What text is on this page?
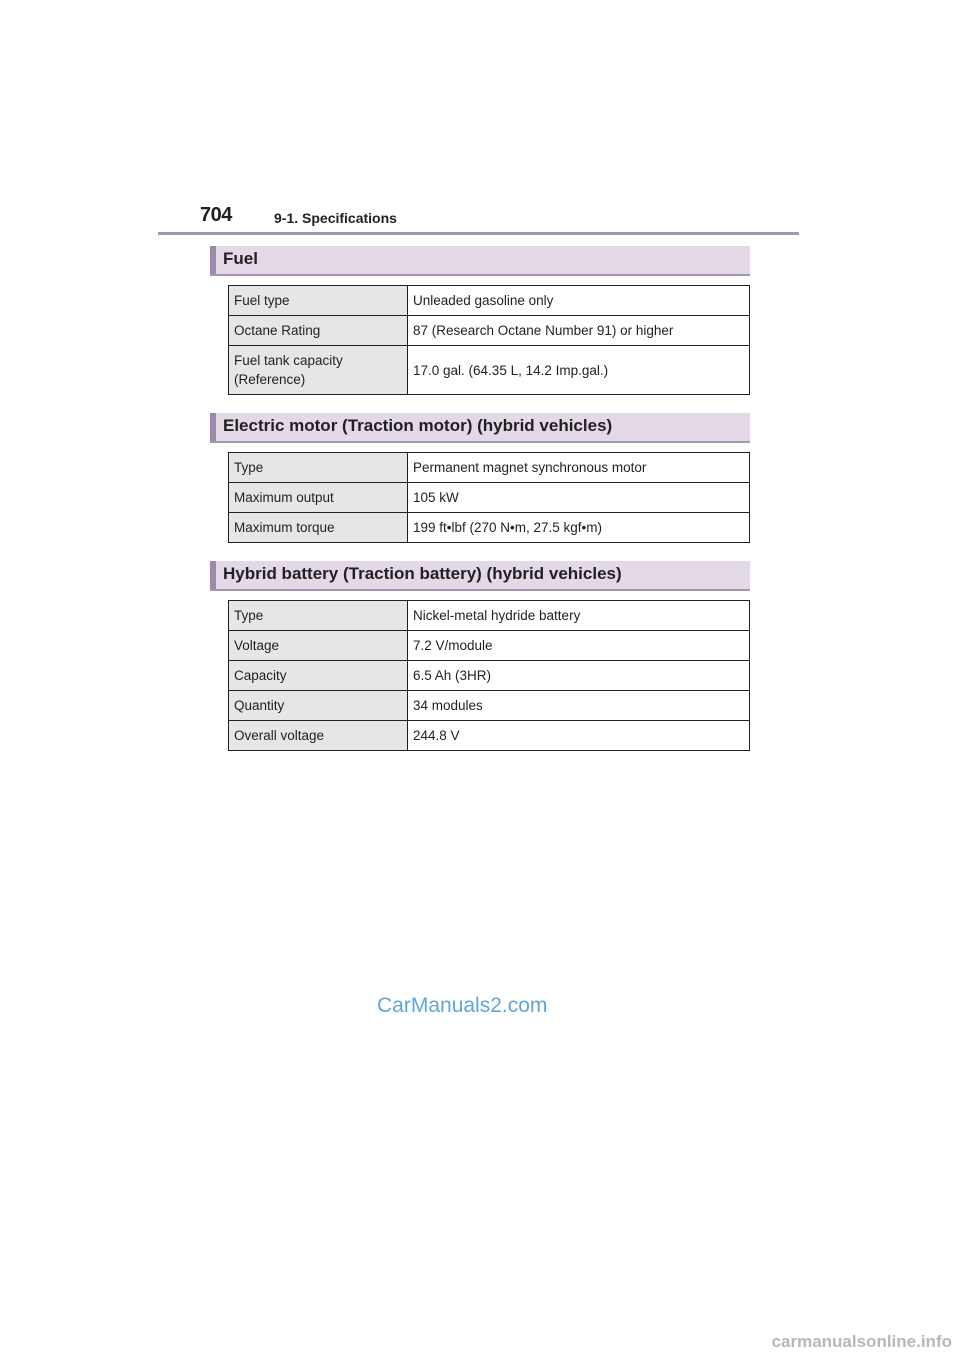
704	9-1. Specifications
Fuel
Fuel type	Unleaded gasoline only
Octane Rating	87 (Research Octane Number 91) or higher

Fuel tank capacity
(Reference)	17.0 gal. (64.35 L, 14.2 Imp.gal.)
Electric motor (Traction motor) (hybrid vehicles)
Type	Permanent magnet synchronous motor
Maximum output	105 kW
Maximum torque	199 ft•lbf (270 N•m, 27.5 kgf•m)
Hybrid battery (Traction battery) (hybrid vehicles)
Type	Nickel-metal hydride battery
Voltage	7.2 V/module
Capacity	6.5 Ah (3HR)
Quantity	34 modules
Overall voltage	244.8 V
CarManuals2.com
carmanualsonline.info
